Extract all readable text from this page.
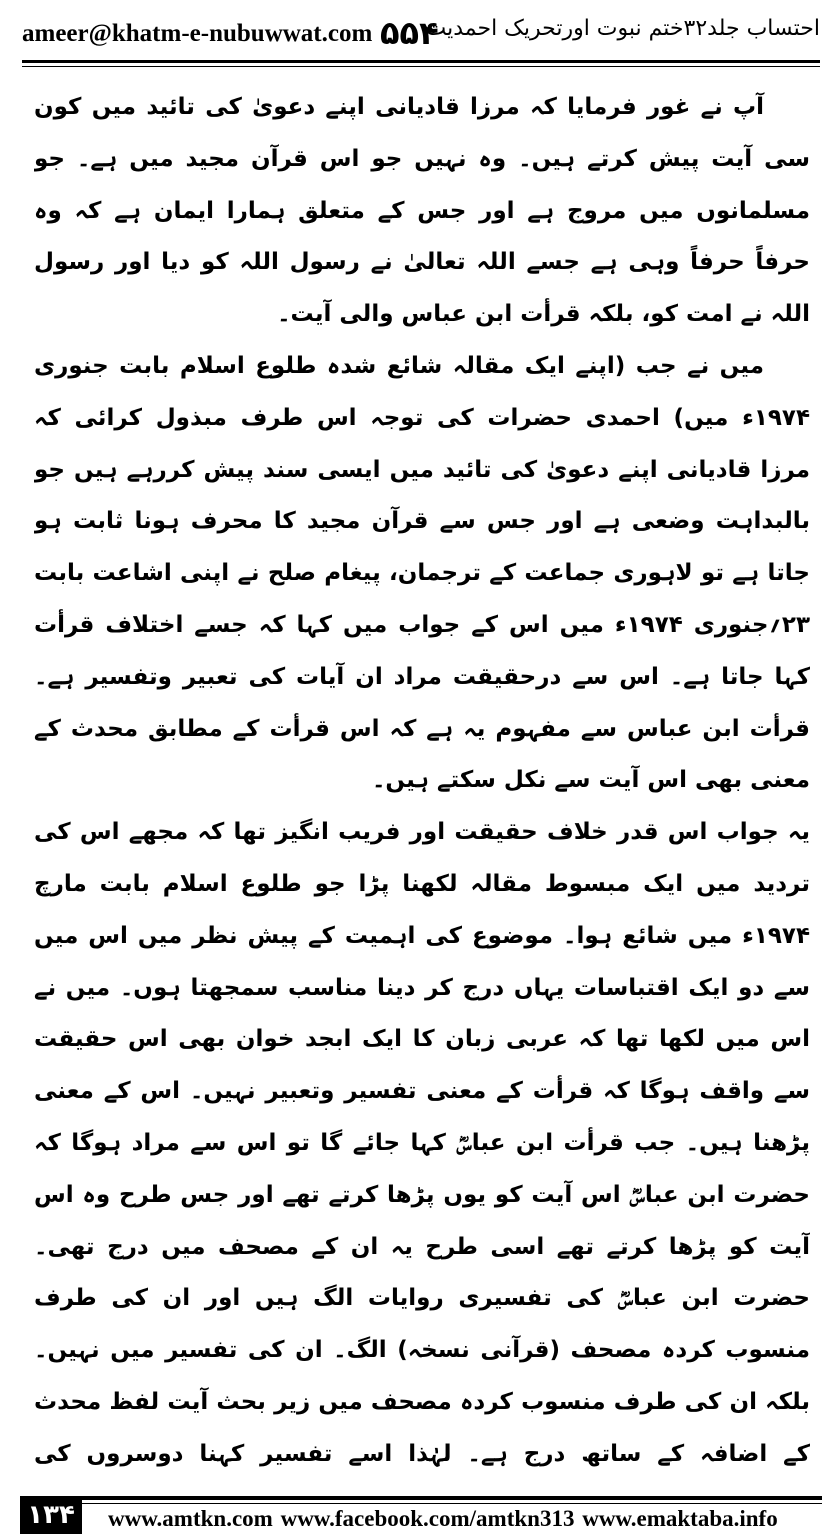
ameer@khatm-e-nubuwwat.com ۵۵۴
احتساب جلد۳۲ختم نبوت اورتحریک احمدیت

آپ نے غور فرمایا کہ مرزا قادیانی اپنے دعویٰ کی تائید میں کون سی آیت پیش کرتے ہیں۔ وہ نہیں جو اس قرآن مجید میں ہے۔ جو مسلمانوں میں مروج ہے اور جس کے متعلق ہمارا ایمان ہے کہ وہ حرفاً حرفاً وہی ہے جسے اللہ تعالیٰ نے رسول اللہ کو دیا اور رسول اللہ نے امت کو، بلکہ قرأت ابن عباس والی آیت۔

میں نے جب (اپنے ایک مقالہ شائع شدہ طلوع اسلام بابت جنوری ۱۹۷۴ء میں) احمدی حضرات کی توجہ اس طرف مبذول کرائی کہ مرزا قادیانی اپنے دعویٰ کی تائید میں ایسی سند پیش کررہے ہیں جو بالبداہت وضعی ہے اور جس سے قرآن مجید کا محرف ہونا ثابت ہو جاتا ہے تو لاہوری جماعت کے ترجمان، پیغام صلح نے اپنی اشاعت بابت ۲۳؍جنوری ۱۹۷۴ء میں اس کے جواب میں کہا کہ جسے اختلاف قرأت کہا جاتا ہے۔ اس سے درحقیقت مراد ان آیات کی تعبیر وتفسیر ہے۔ قرأت ابن عباس سے مفہوم یہ ہے کہ اس قرأت کے مطابق محدث کے معنی بھی اس آیت سے نکل سکتے ہیں۔

یہ جواب اس قدر خلاف حقیقت اور فریب انگیز تھا کہ مجھے اس کی تردید میں ایک مبسوط مقالہ لکھنا پڑا جو طلوع اسلام بابت مارچ ۱۹۷۴ء میں شائع ہوا۔ موضوع کی اہمیت کے پیش نظر میں اس میں سے دو ایک اقتباسات یہاں درج کر دینا مناسب سمجھتا ہوں۔ میں نے اس میں لکھا تھا کہ عربی زبان کا ایک ابجد خوان بھی اس حقیقت سے واقف ہوگا کہ قرأت کے معنی تفسیر وتعبیر نہیں۔ اس کے معنی پڑھنا ہیں۔ جب قرأت ابن عباسؓ کہا جائے گا تو اس سے مراد ہوگا کہ حضرت ابن عباسؓ اس آیت کو یوں پڑھا کرتے تھے اور جس طرح وہ اس آیت کو پڑھا کرتے تھے اسی طرح یہ ان کے مصحف میں درج تھی۔ حضرت ابن عباسؓ کی تفسیری روایات الگ ہیں اور ان کی طرف منسوب کردہ مصحف (قرآنی نسخہ) الگ۔ ان کی تفسیر میں نہیں۔ بلکہ ان کی طرف منسوب کردہ مصحف میں زیر بحث آیت لفظ محدث کے اضافہ کے ساتھ درج ہے۔ لہٰذا اسے تفسیر کہنا دوسروں کی

۱۳۴	www.amtkn.com www.facebook.com/amtkn313 www.emaktaba.info
